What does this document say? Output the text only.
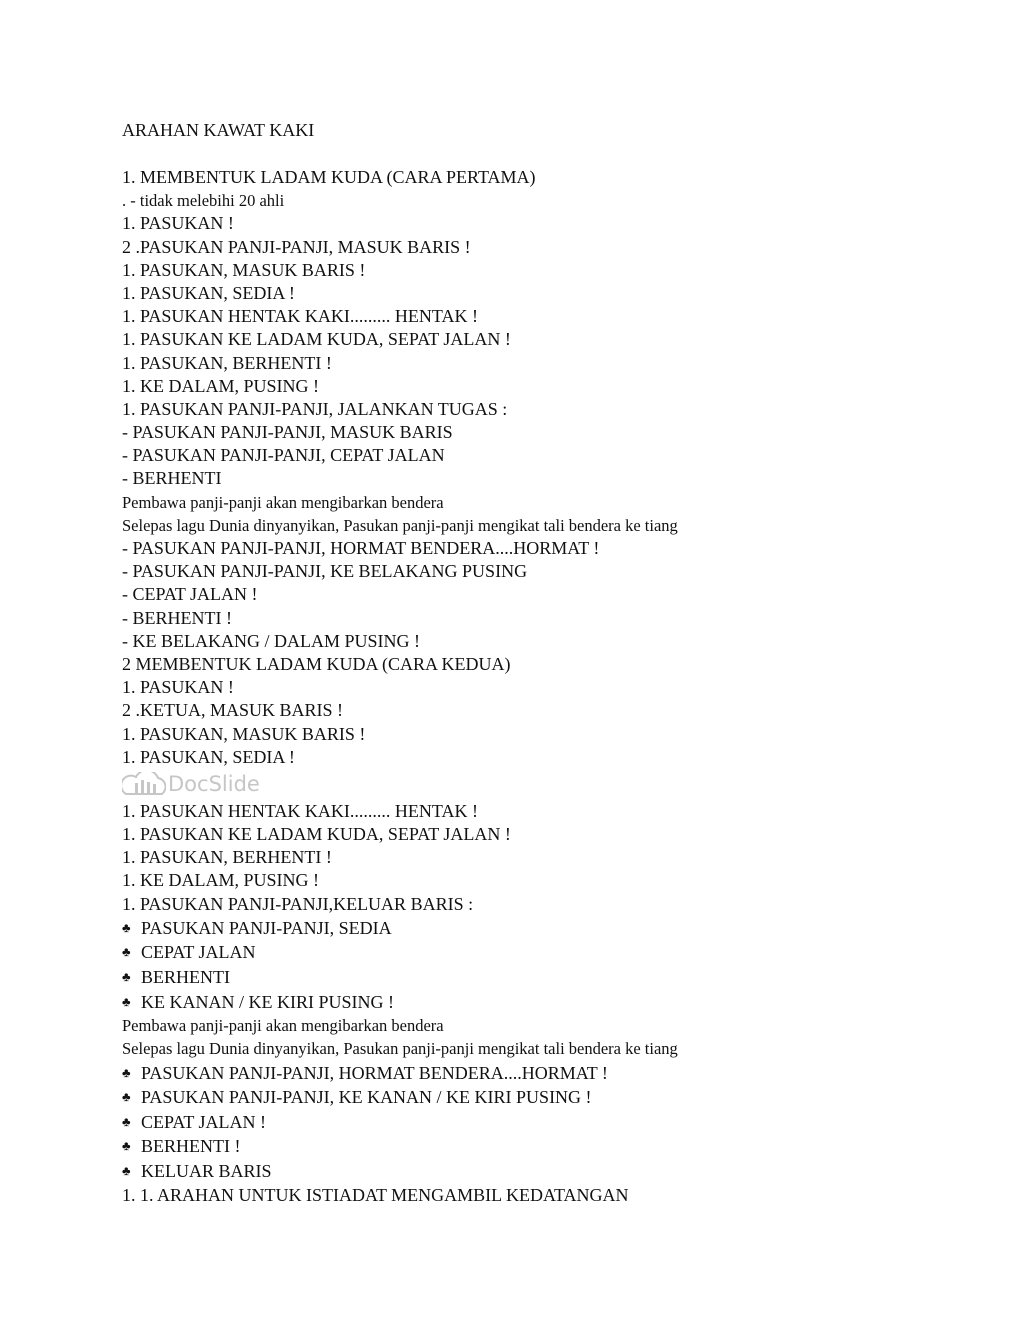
ARAHAN KAWAT KAKI
1. MEMBENTUK LADAM KUDA (CARA PERTAMA)
. - tidak melebihi 20 ahli
1. PASUKAN !
2 .PASUKAN PANJI-PANJI, MASUK BARIS !
1. PASUKAN, MASUK BARIS !
1. PASUKAN, SEDIA !
1. PASUKAN HENTAK KAKI......... HENTAK !
1. PASUKAN KE LADAM KUDA, SEPAT JALAN !
1. PASUKAN, BERHENTI !
1. KE DALAM, PUSING !
1. PASUKAN PANJI-PANJI, JALANKAN TUGAS :
- PASUKAN PANJI-PANJI, MASUK BARIS
- PASUKAN PANJI-PANJI, CEPAT JALAN
- BERHENTI
Pembawa panji-panji akan mengibarkan bendera
Selepas lagu Dunia dinyanyikan, Pasukan panji-panji mengikat tali bendera ke tiang
- PASUKAN PANJI-PANJI, HORMAT BENDERA....HORMAT !
- PASUKAN PANJI-PANJI, KE BELAKANG PUSING
- CEPAT JALAN !
- BERHENTI !
- KE BELAKANG / DALAM PUSING !
2 MEMBENTUK LADAM KUDA (CARA KEDUA)
1. PASUKAN !
2 .KETUA, MASUK BARIS !
1. PASUKAN, MASUK BARIS !
1. PASUKAN, SEDIA !
DocSlide
1. PASUKAN HENTAK KAKI......... HENTAK !
1. PASUKAN KE LADAM KUDA, SEPAT JALAN !
1. PASUKAN, BERHENTI !
1. KE DALAM, PUSING !
1. PASUKAN PANJI-PANJI,KELUAR BARIS :
♣ PASUKAN PANJI-PANJI, SEDIA
♣ CEPAT JALAN
♣ BERHENTI
♣ KE KANAN / KE KIRI PUSING !
Pembawa panji-panji akan mengibarkan bendera
Selepas lagu Dunia dinyanyikan, Pasukan panji-panji mengikat tali bendera ke tiang
♣ PASUKAN PANJI-PANJI, HORMAT BENDERA....HORMAT !
♣ PASUKAN PANJI-PANJI, KE KANAN / KE KIRI PUSING !
♣ CEPAT JALAN !
♣ BERHENTI !
♣ KELUAR BARIS
1. 1. ARAHAN UNTUK ISTIADAT MENGAMBIL KEDATANGAN
